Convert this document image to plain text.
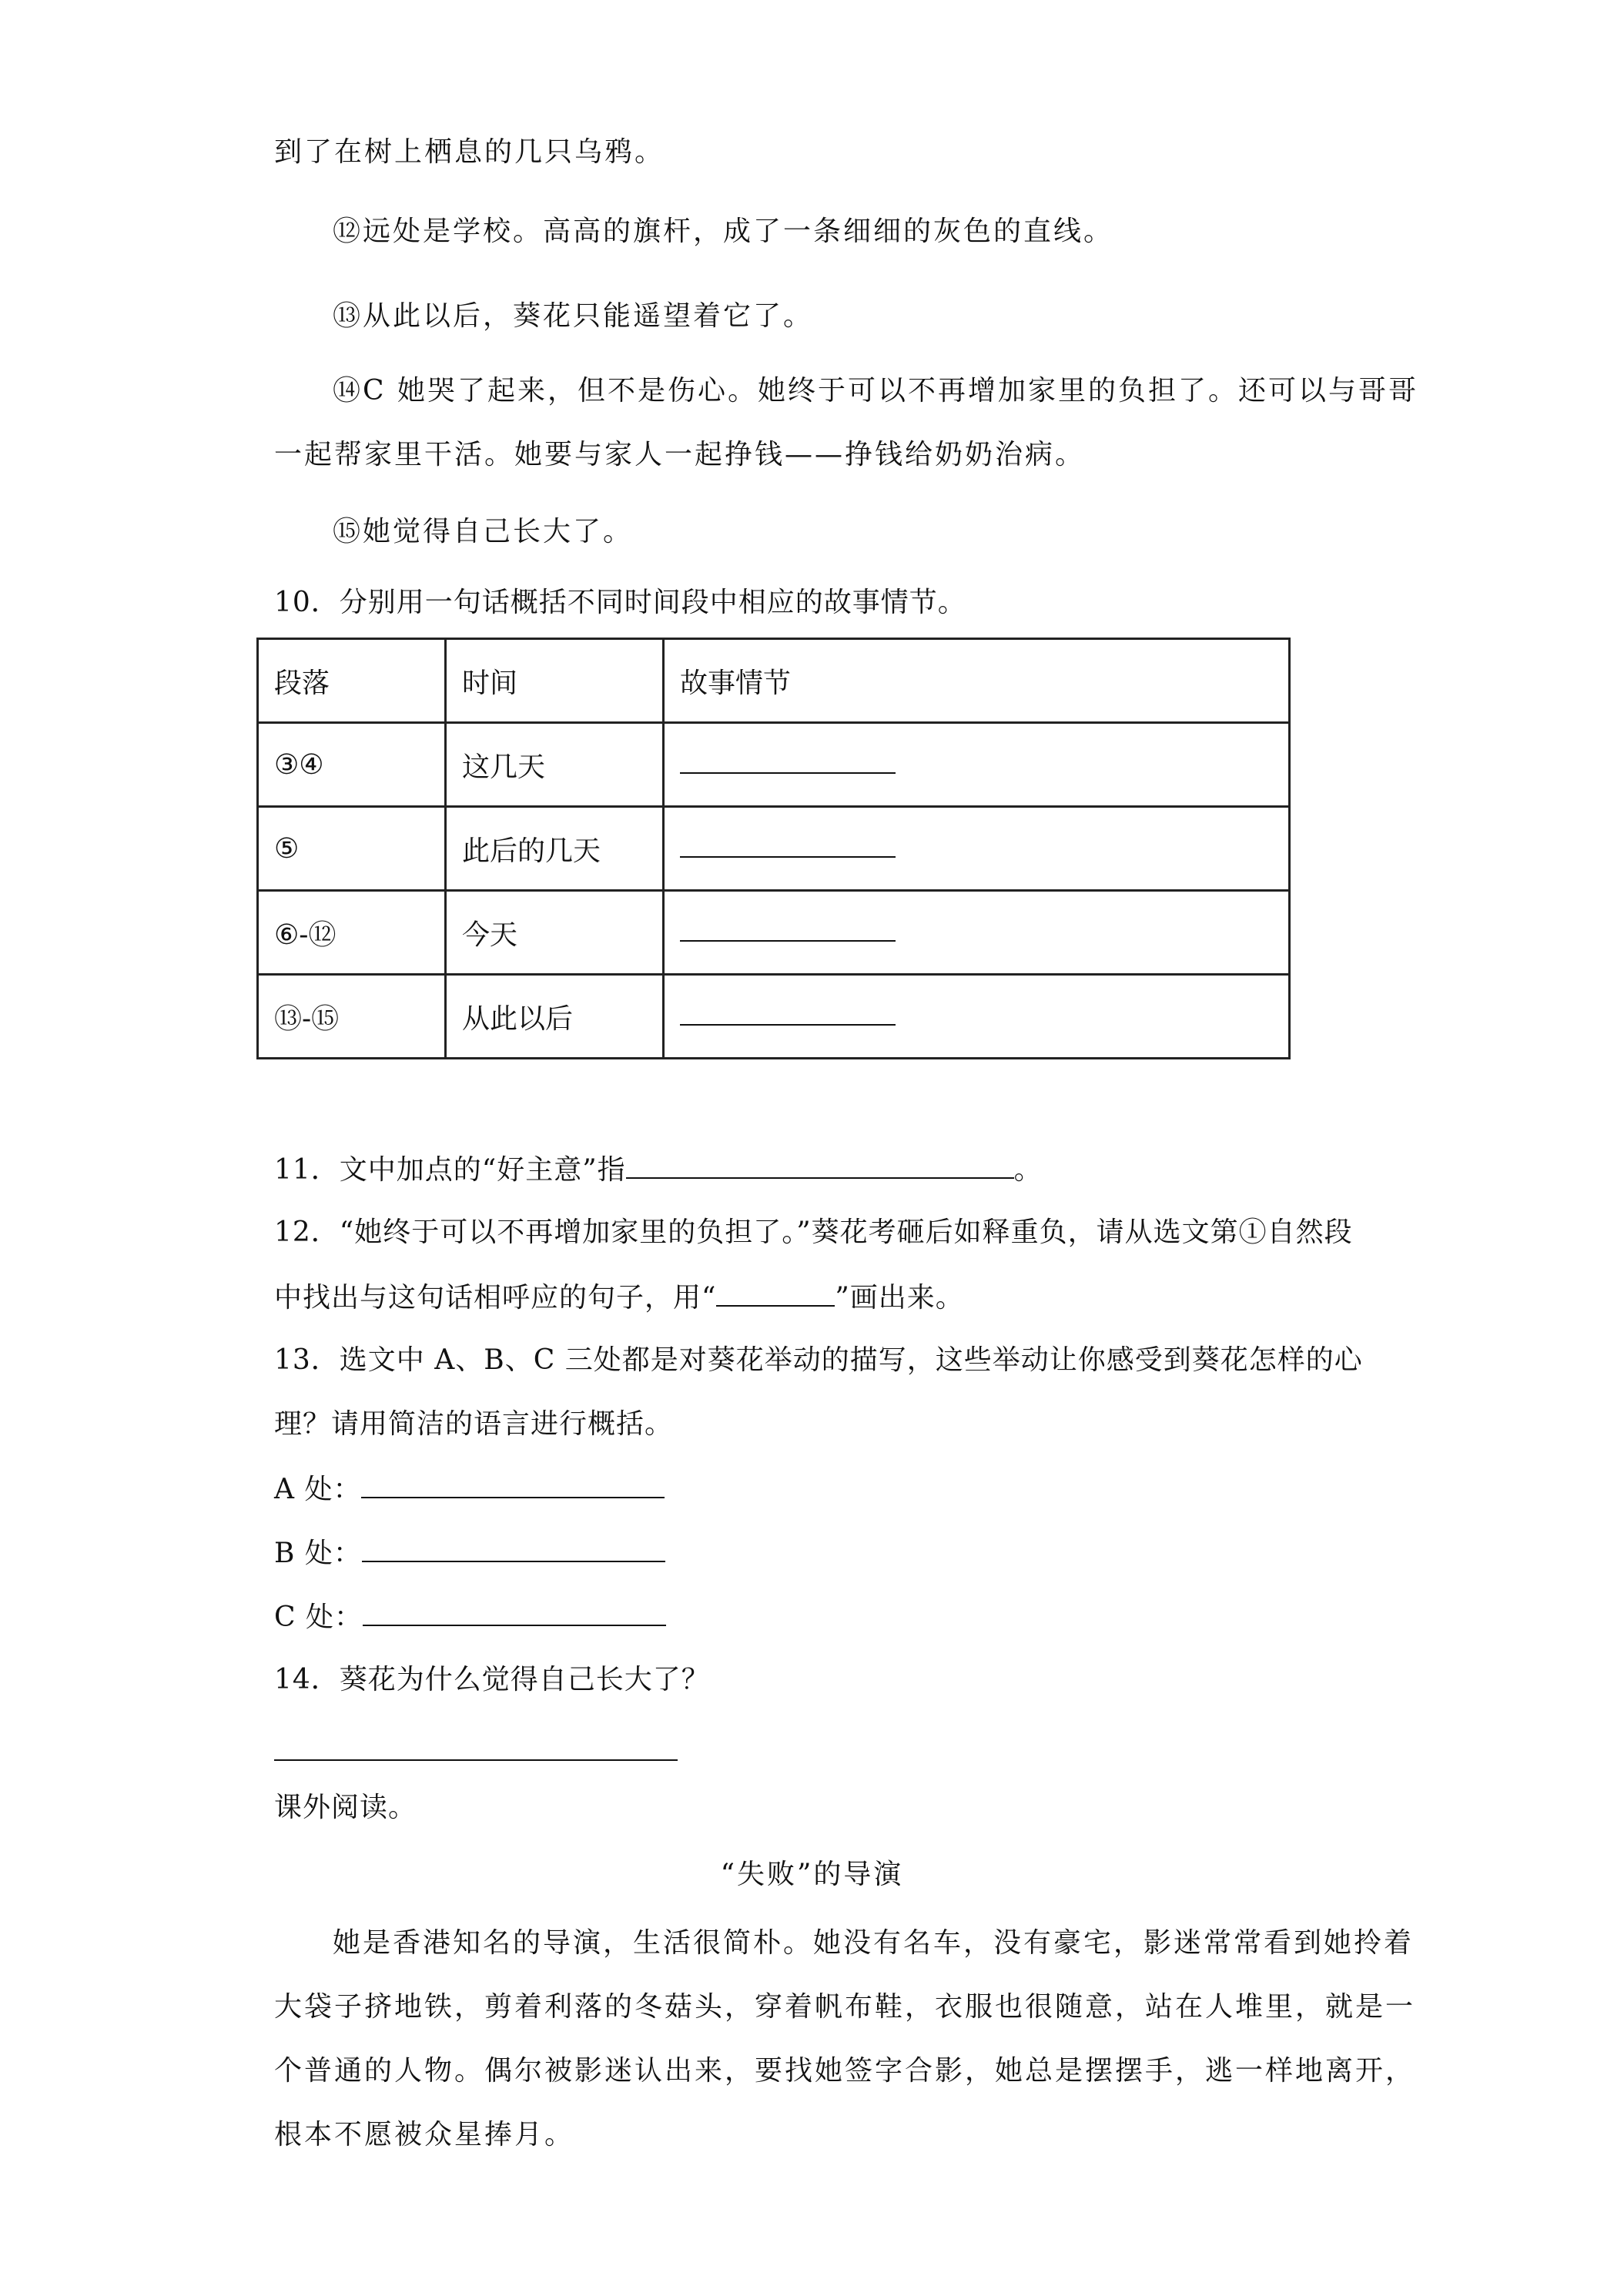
到了在树上栖息的几只乌鸦。
⑫远处是学校。高高的旗杆，成了一条细细的灰色的直线。
⑬从此以后，葵花只能遥望着它了。
⑭C 她哭了起来，但不是伤心。她终于可以不再增加家里的负担了。还可以与哥哥
一起帮家里干活。她要与家人一起挣钱——挣钱给奶奶治病。
⑮她觉得自己长大了。
10．分别用一句话概括不同时间段中相应的故事情节。
段落	时间	故事情节
③④	这几天	
⑤	此后的几天	
⑥-⑫	今天	
⑬-⑮	从此以后	
11．文中加点的“好主意”指	。
12．“她终于可以不再增加家里的负担了。”葵花考砸后如释重负，请从选文第①自然段
中找出与这句话相呼应的句子，用“	”画出来。
13．选文中 A、B、C 三处都是对葵花举动的描写，这些举动让你感受到葵花怎样的心
理？请用简洁的语言进行概括。
A 处：
B 处：
C 处：
14．葵花为什么觉得自己长大了？
课外阅读。
“失败”的导演
她是香港知名的导演，生活很简朴。她没有名车，没有豪宅，影迷常常看到她拎着
大袋子挤地铁，剪着利落的冬菇头，穿着帆布鞋，衣服也很随意，站在人堆里，就是一
个普通的人物。偶尔被影迷认出来，要找她签字合影，她总是摆摆手，逃一样地离开，
根本不愿被众星捧月。
